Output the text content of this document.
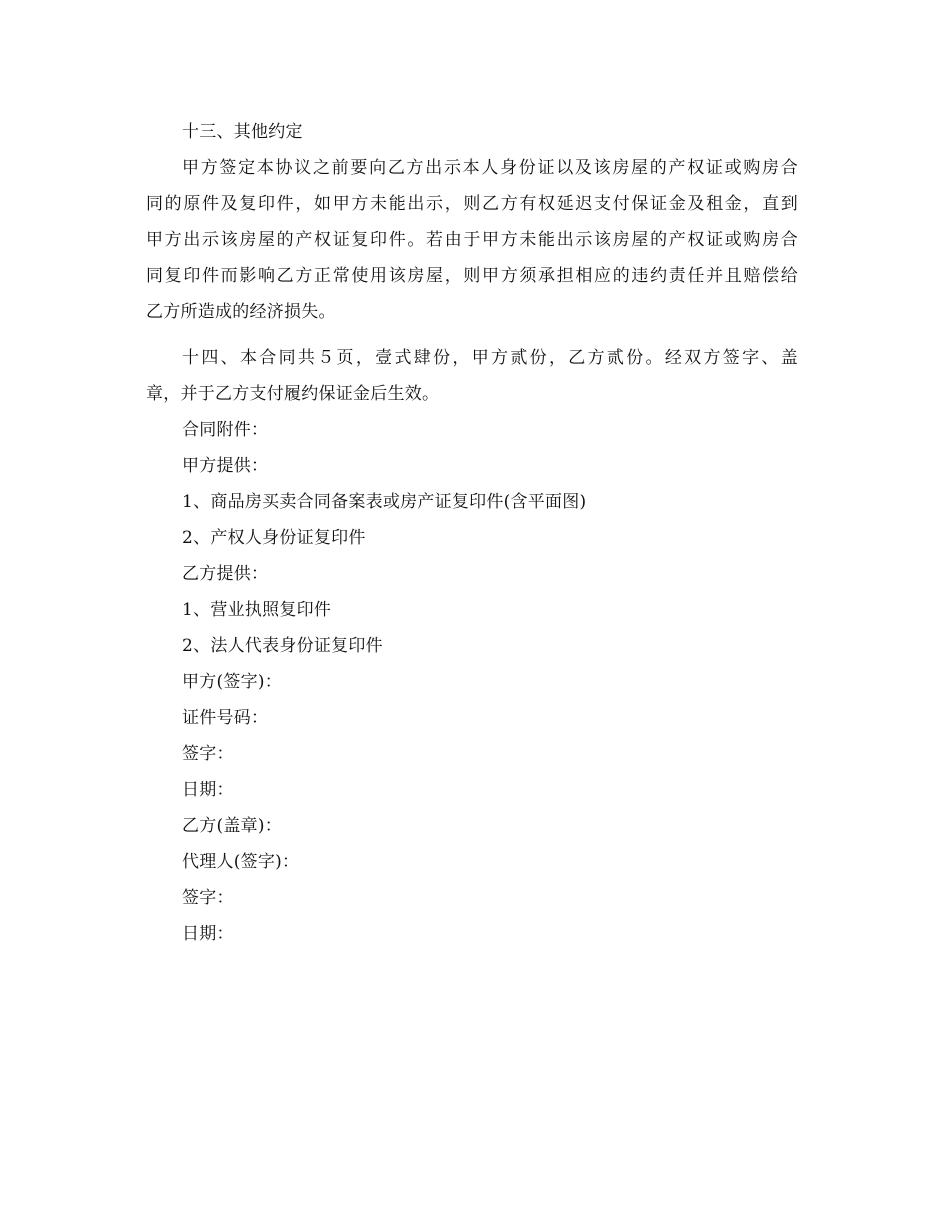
十三、其他约定
甲方签定本协议之前要向乙方出示本人身份证以及该房屋的产权证或购房合
同的原件及复印件，如甲方未能出示，则乙方有权延迟支付保证金及租金，直到
甲方出示该房屋的产权证复印件。若由于甲方未能出示该房屋的产权证或购房合
同复印件而影响乙方正常使用该房屋，则甲方须承担相应的违约责任并且赔偿给
乙方所造成的经济损失。
十四、本合同共５页，壹式肆份，甲方贰份，乙方贰份。经双方签字、盖
章，并于乙方支付履约保证金后生效。
合同附件：
甲方提供：
1、商品房买卖合同备案表或房产证复印件(含平面图)
2、产权人身份证复印件
乙方提供：
1、营业执照复印件
2、法人代表身份证复印件
甲方(签字)：
证件号码：
签字：
日期：
乙方(盖章)：
代理人(签字)：
签字：
日期：
